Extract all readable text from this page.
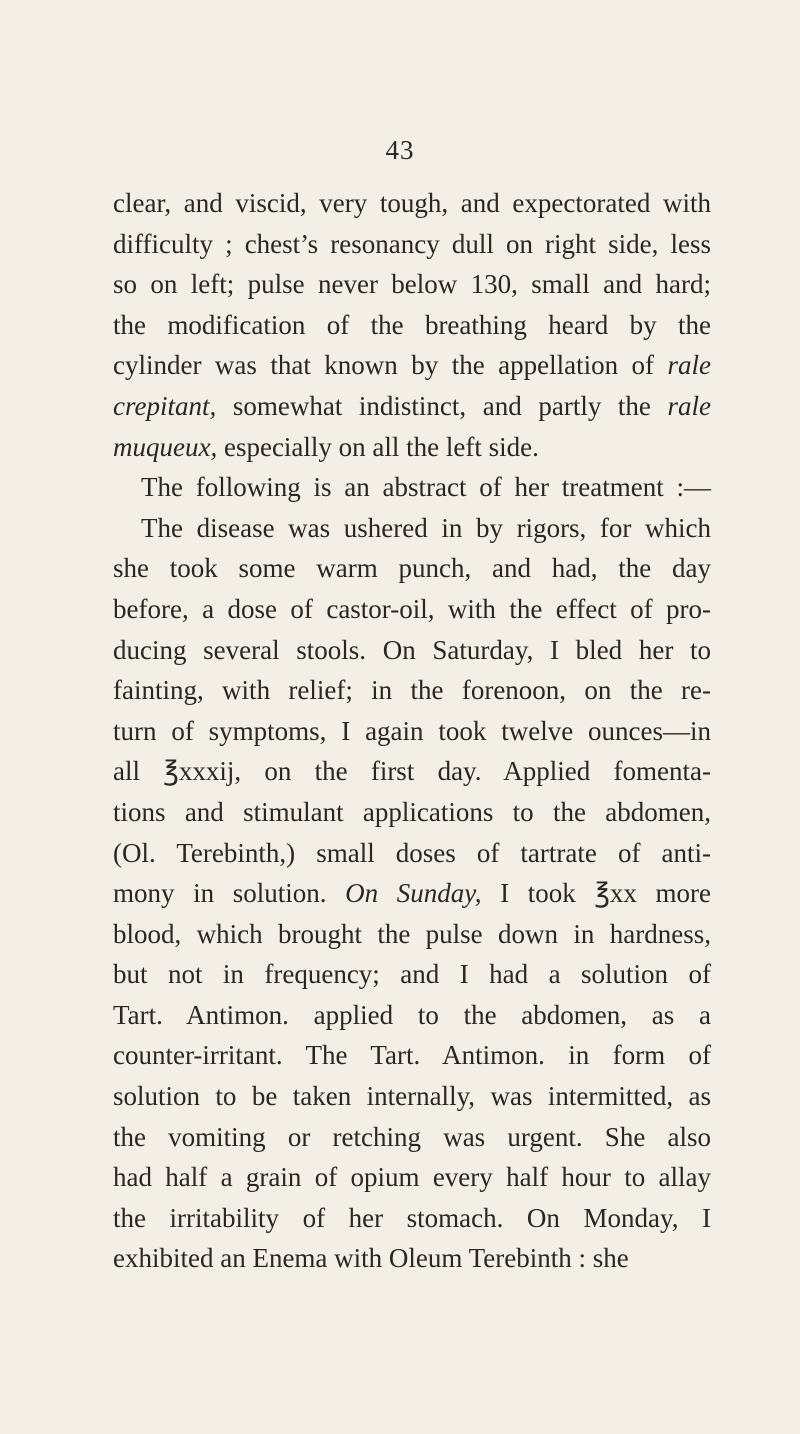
43
clear, and viscid, very tough, and expectorated with
difficulty ; chest’s resonancy dull on right side, less
so on left; pulse never below 130, small and hard;
the modification of the breathing heard by the
cylinder was that known by the appellation of rale
crepitant, somewhat indistinct, and partly the rale
muqueux, especially on all the left side.
The following is an abstract of her treatment :—
The disease was ushered in by rigors, for which
she took some warm punch, and had, the day
before, a dose of castor-oil, with the effect of pro-
ducing several stools. On Saturday, I bled her to
fainting, with relief; in the forenoon, on the re-
turn of symptoms, I again took twelve ounces—in
all ℥xxxij, on the first day. Applied fomenta-
tions and stimulant applications to the abdomen,
(Ol. Terebinth,) small doses of tartrate of anti-
mony in solution. On Sunday, I took ℥xx more
blood, which brought the pulse down in hardness,
but not in frequency; and I had a solution of
Tart. Antimon. applied to the abdomen, as a
counter-irritant. The Tart. Antimon. in form of
solution to be taken internally, was intermitted, as
the vomiting or retching was urgent. She also
had half a grain of opium every half hour to allay
the irritability of her stomach. On Monday, I
exhibited an Enema with Oleum Terebinth : she
